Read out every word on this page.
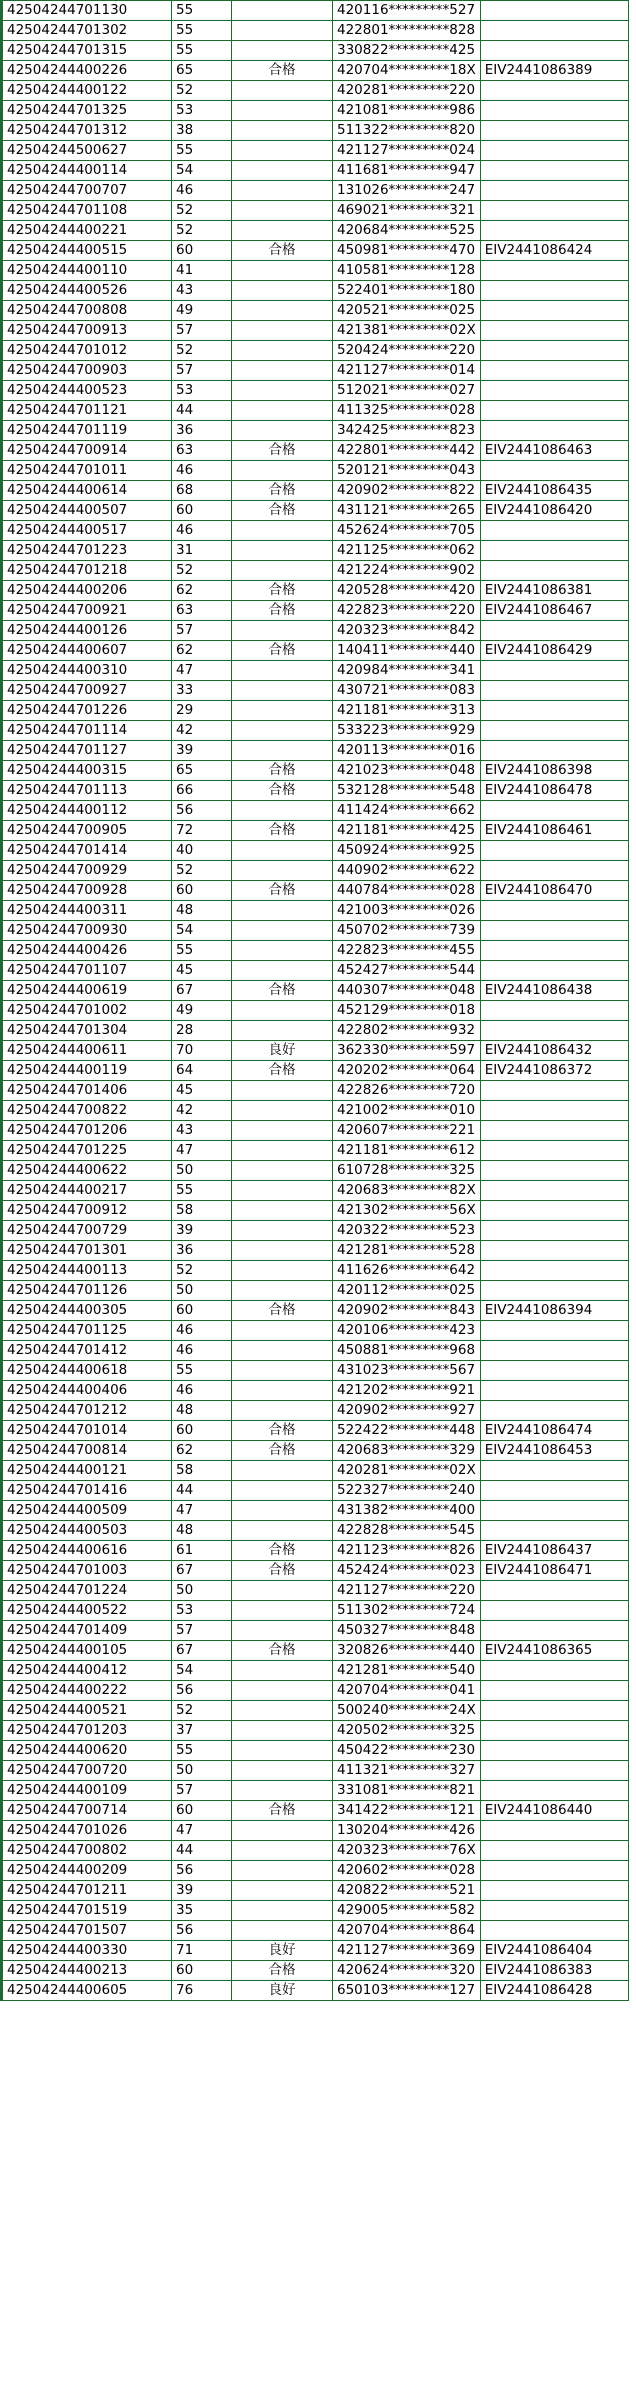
42504244701130	55		420116*********527	
42504244701302	55		422801*********828	
42504244701315	55		330822*********425	
42504244400226	65	合格	420704*********18X	EIV2441086389
42504244400122	52		420281*********220	
42504244701325	53		421081*********986	
42504244701312	38		511322*********820	
42504244500627	55		421127*********024	
42504244400114	54		411681*********947	
42504244700707	46		131026*********247	
42504244701108	52		469021*********321	
42504244400221	52		420684*********525	
42504244400515	60	合格	450981*********470	EIV2441086424
42504244400110	41		410581*********128	
42504244400526	43		522401*********180	
42504244700808	49		420521*********025	
42504244700913	57		421381*********02X	
42504244701012	52		520424*********220	
42504244700903	57		421127*********014	
42504244400523	53		512021*********027	
42504244701121	44		411325*********028	
42504244701119	36		342425*********823	
42504244700914	63	合格	422801*********442	EIV2441086463
42504244701011	46		520121*********043	
42504244400614	68	合格	420902*********822	EIV2441086435
42504244400507	60	合格	431121*********265	EIV2441086420
42504244400517	46		452624*********705	
42504244701223	31		421125*********062	
42504244701218	52		421224*********902	
42504244400206	62	合格	420528*********420	EIV2441086381
42504244700921	63	合格	422823*********220	EIV2441086467
42504244400126	57		420323*********842	
42504244400607	62	合格	140411*********440	EIV2441086429
42504244400310	47		420984*********341	
42504244700927	33		430721*********083	
42504244701226	29		421181*********313	
42504244701114	42		533223*********929	
42504244701127	39		420113*********016	
42504244400315	65	合格	421023*********048	EIV2441086398
42504244701113	66	合格	532128*********548	EIV2441086478
42504244400112	56		411424*********662	
42504244700905	72	合格	421181*********425	EIV2441086461
42504244701414	40		450924*********925	
42504244700929	52		440902*********622	
42504244700928	60	合格	440784*********028	EIV2441086470
42504244400311	48		421003*********026	
42504244700930	54		450702*********739	
42504244400426	55		422823*********455	
42504244701107	45		452427*********544	
42504244400619	67	合格	440307*********048	EIV2441086438
42504244701002	49		452129*********018	
42504244701304	28		422802*********932	
42504244400611	70	良好	362330*********597	EIV2441086432
42504244400119	64	合格	420202*********064	EIV2441086372
42504244701406	45		422826*********720	
42504244700822	42		421002*********010	
42504244701206	43		420607*********221	
42504244701225	47		421181*********612	
42504244400622	50		610728*********325	
42504244400217	55		420683*********82X	
42504244700912	58		421302*********56X	
42504244700729	39		420322*********523	
42504244701301	36		421281*********528	
42504244400113	52		411626*********642	
42504244701126	50		420112*********025	
42504244400305	60	合格	420902*********843	EIV2441086394
42504244701125	46		420106*********423	
42504244701412	46		450881*********968	
42504244400618	55		431023*********567	
42504244400406	46		421202*********921	
42504244701212	48		420902*********927	
42504244701014	60	合格	522422*********448	EIV2441086474
42504244700814	62	合格	420683*********329	EIV2441086453
42504244400121	58		420281*********02X	
42504244701416	44		522327*********240	
42504244400509	47		431382*********400	
42504244400503	48		422828*********545	
42504244400616	61	合格	421123*********826	EIV2441086437
42504244701003	67	合格	452424*********023	EIV2441086471
42504244701224	50		421127*********220	
42504244400522	53		511302*********724	
42504244701409	57		450327*********848	
42504244400105	67	合格	320826*********440	EIV2441086365
42504244400412	54		421281*********540	
42504244400222	56		420704*********041	
42504244400521	52		500240*********24X	
42504244701203	37		420502*********325	
42504244400620	55		450422*********230	
42504244700720	50		411321*********327	
42504244400109	57		331081*********821	
42504244700714	60	合格	341422*********121	EIV2441086440
42504244701026	47		130204*********426	
42504244700802	44		420323*********76X	
42504244400209	56		420602*********028	
42504244701211	39		420822*********521	
42504244701519	35		429005*********582	
42504244701507	56		420704*********864	
42504244400330	71	良好	421127*********369	EIV2441086404
42504244400213	60	合格	420624*********320	EIV2441086383
42504244400605	76	良好	650103*********127	EIV2441086428
